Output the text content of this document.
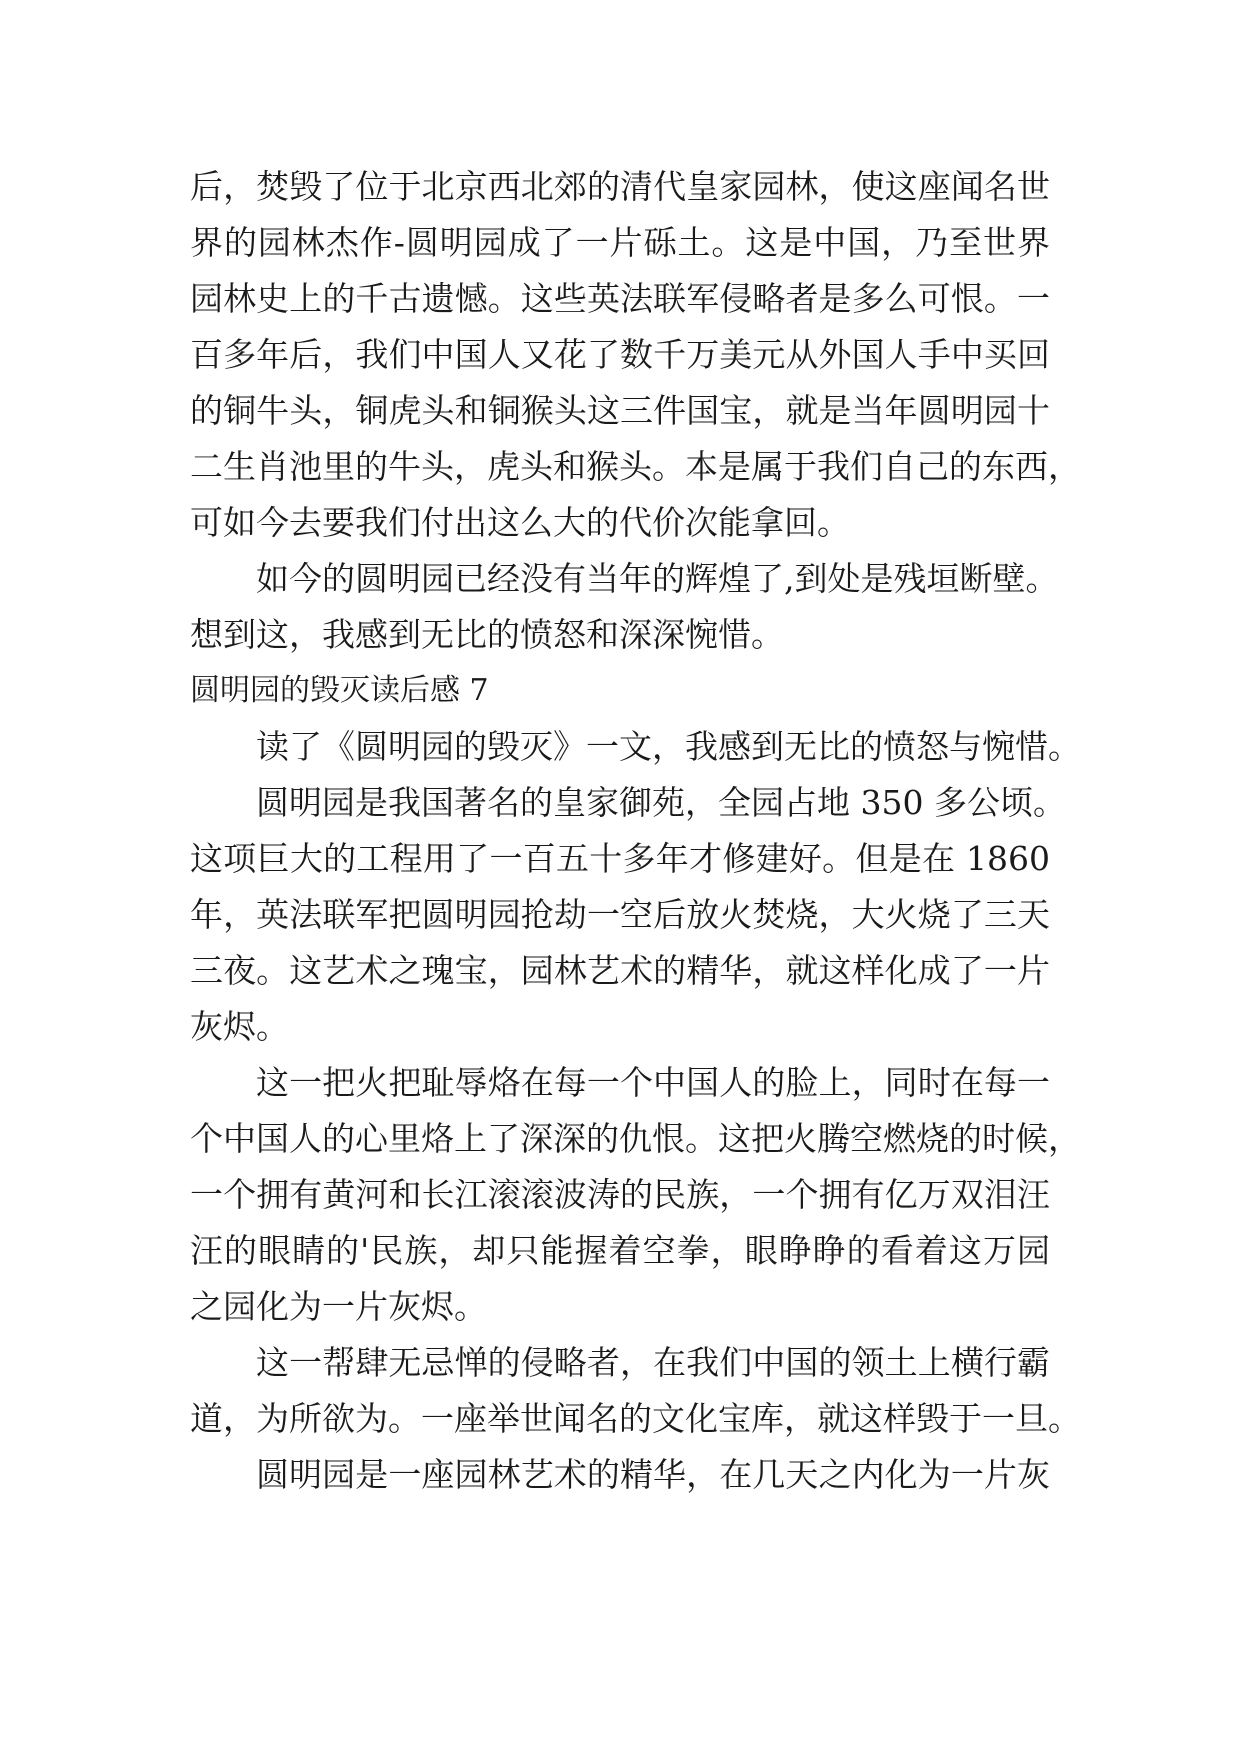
后，焚毁了位于北京西北郊的清代皇家园林，使这座闻名世
界的园林杰作-圆明园成了一片砾土。这是中国，乃至世界
园林史上的千古遗憾。这些英法联军侵略者是多么可恨。一
百多年后，我们中国人又花了数千万美元从外国人手中买回
的铜牛头，铜虎头和铜猴头这三件国宝，就是当年圆明园十
二生肖池里的牛头，虎头和猴头。本是属于我们自己的东西，
可如今去要我们付出这么大的代价次能拿回。
如今的圆明园已经没有当年的辉煌了,到处是残垣断壁。
想到这，我感到无比的愤怒和深深惋惜。
圆明园的毁灭读后感 7
读了《圆明园的毁灭》一文，我感到无比的愤怒与惋惜。
圆明园是我国著名的皇家御苑，全园占地 350 多公顷。
这项巨大的工程用了一百五十多年才修建好。但是在 1860
年，英法联军把圆明园抢劫一空后放火焚烧，大火烧了三天
三夜。这艺术之瑰宝，园林艺术的精华，就这样化成了一片
灰烬。
这一把火把耻辱烙在每一个中国人的脸上，同时在每一
个中国人的心里烙上了深深的仇恨。这把火腾空燃烧的时候，
一个拥有黄河和长江滚滚波涛的民族，一个拥有亿万双泪汪
汪的眼睛的'民族，却只能握着空拳，眼睁睁的看着这万园
之园化为一片灰烬。
这一帮肆无忌惮的侵略者，在我们中国的领土上横行霸
道，为所欲为。一座举世闻名的文化宝库，就这样毁于一旦。
圆明园是一座园林艺术的精华，在几天之内化为一片灰
